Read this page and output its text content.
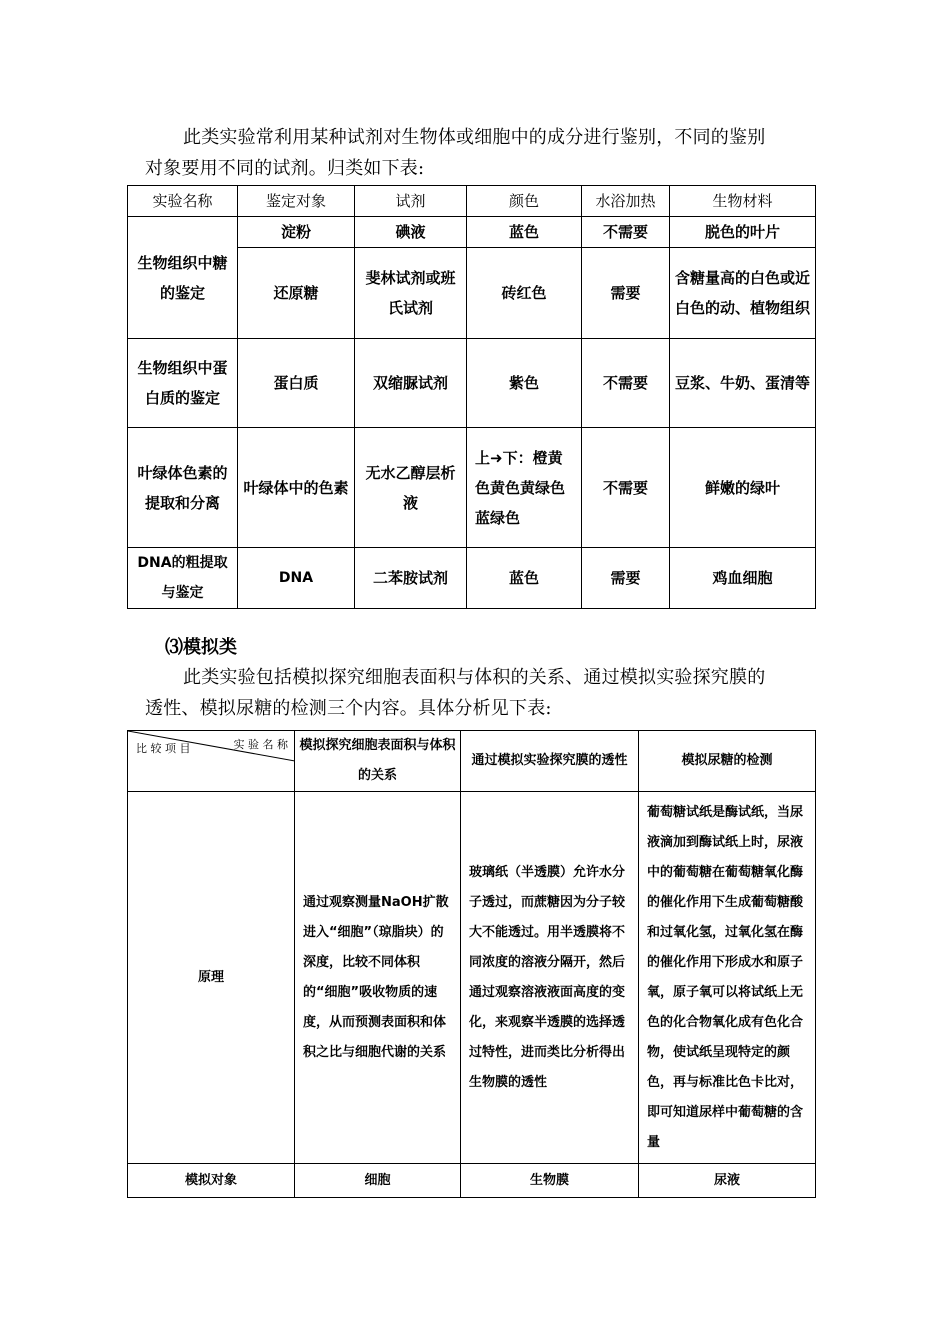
此类实验常利用某种试剂对生物体或细胞中的成分进行鉴别，不同的鉴别
对象要用不同的试剂。归类如下表:
实验名称	鉴定对象	试剂	颜色	水浴加热	生物材料
生物组织中糖的鉴定	淀粉	碘液	蓝色	不需要	脱色的叶片
	还原糖	斐林试剂或班氏试剂	砖红色	需要	含糖量高的白色或近白色的动、植物组织
生物组织中蛋白质的鉴定	蛋白质	双缩脲试剂	紫色	不需要	豆浆、牛奶、蛋清等
叶绿体色素的提取和分离	叶绿体中的色素	无水乙醇层析液	上➜下：橙黄色黄色黄绿色蓝绿色	不需要	鲜嫩的绿叶
DNA的粗提取与鉴定	DNA	二苯胺试剂	蓝色	需要	鸡血细胞
⑶模拟类
此类实验包括模拟探究细胞表面积与体积的关系、通过模拟实验探究膜的
透性、模拟尿糖的检测三个内容。具体分析见下表:
实 验 名 称
比 较 项 目	模拟探究细胞表面积与体积的关系	通过模拟实验探究膜的透性	模拟尿糖的检测
原理	通过观察测量NaOH扩散进入“细胞”（琼脂块）的深度，比较不同体积的“细胞”吸收物质的速度，从而预测表面积和体积之比与细胞代谢的关系	玻璃纸（半透膜）允许水分子透过，而蔗糖因为分子较大不能透过。用半透膜将不同浓度的溶液分隔开，然后通过观察溶液液面高度的变化，来观察半透膜的选择透过特性，进而类比分析得出生物膜的透性	葡萄糖试纸是酶试纸，当尿液滴加到酶试纸上时，尿液中的葡萄糖在葡萄糖氧化酶的催化作用下生成葡萄糖酸和过氧化氢，过氧化氢在酶的催化作用下形成水和原子氧，原子氧可以将试纸上无色的化合物氧化成有色化合物，使试纸呈现特定的颜色，再与标准比色卡比对，即可知道尿样中葡萄糖的含量
模拟对象	细胞	生物膜	尿液
